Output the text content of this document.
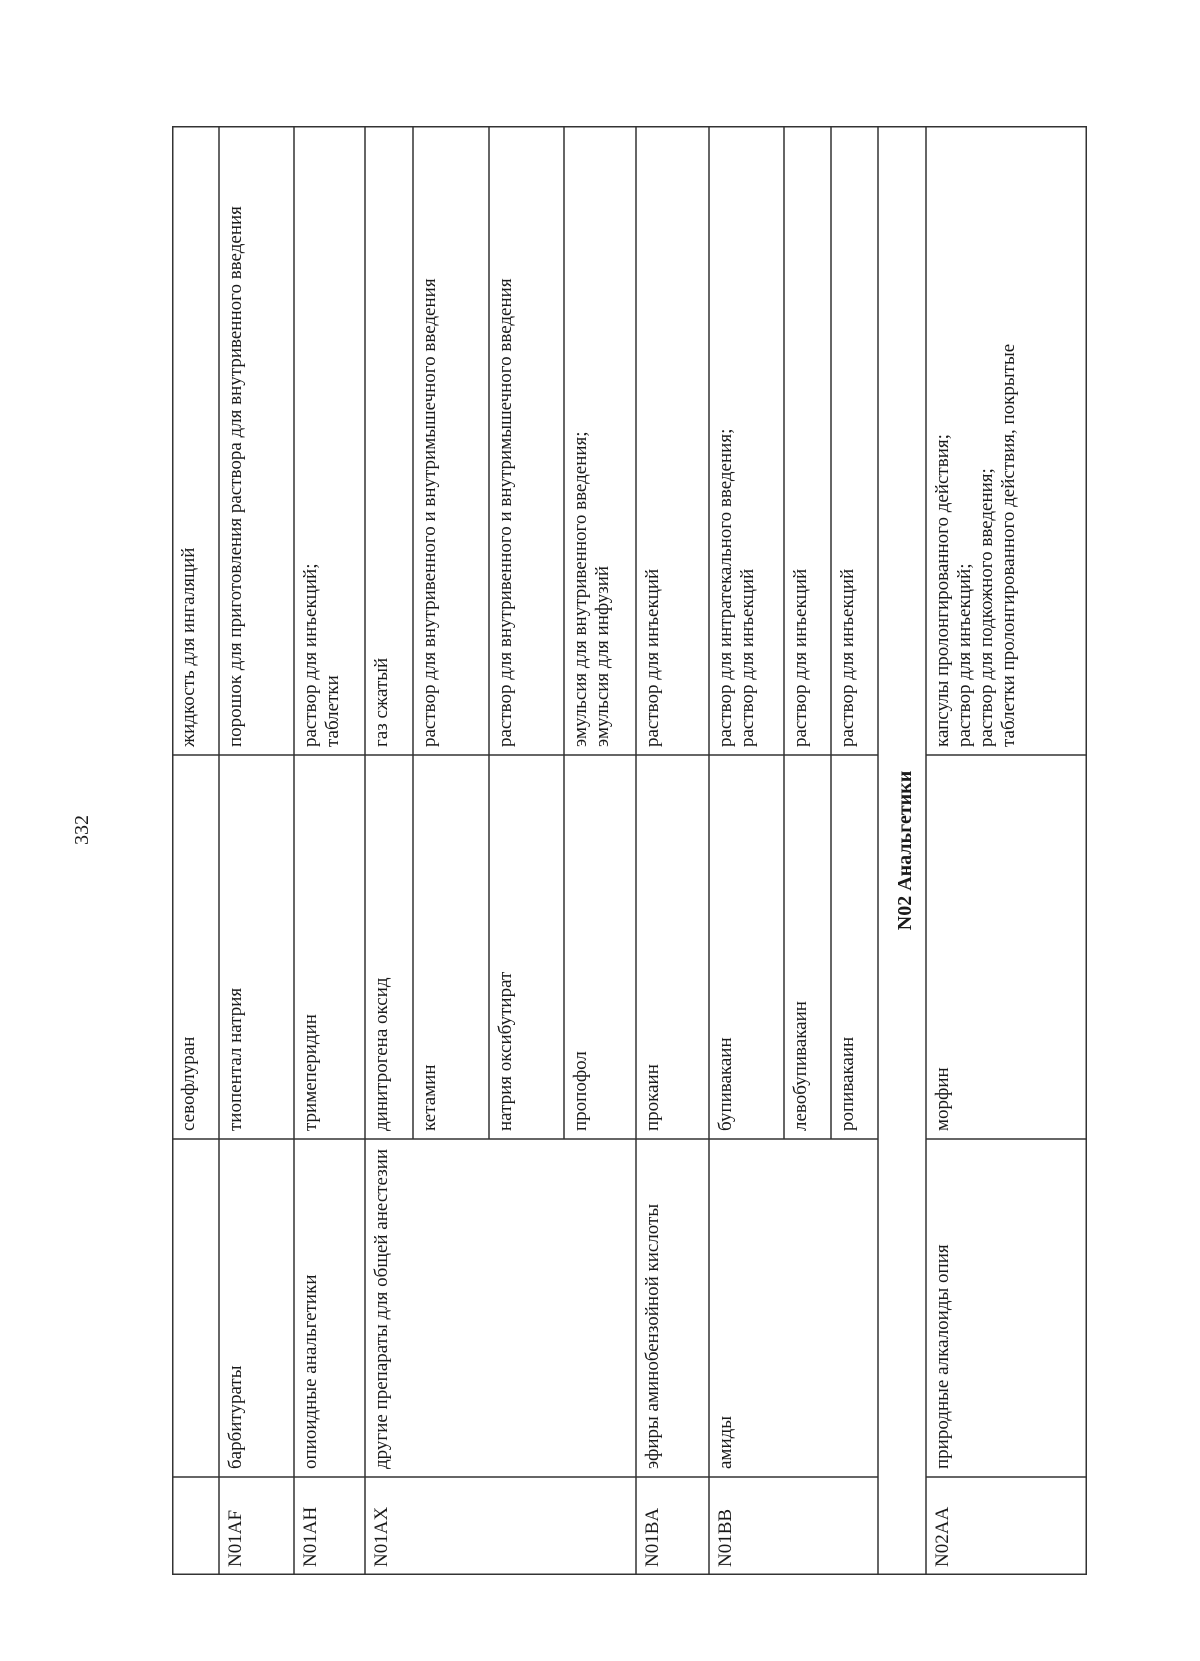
332
севофлуран
жидкость для ингаляций
N01AF
барбитураты
тиопентал натрия
порошок для приготовления раствора для внутривенного введения
N01AH
опиоидные анальгетики
тримеперидин
раствор для инъекций;
таблетки
N01AX
другие препараты для общей анестезии
динитрогена оксид
газ сжатый
кетамин
раствор для внутривенного и внутримышечного введения
натрия оксибутират
раствор для внутривенного и внутримышечного введения
пропофол
эмульсия для внутривенного введения;
эмульсия для инфузий
N01BA
эфиры аминобензойной кислоты
прокаин
раствор для инъекций
N01BB
амиды
бупивакаин
раствор для интратекального введения;
раствор для инъекций
левобупивакаин
раствор для инъекций
ропивакаин
раствор для инъекций
N02 Анальгетики
N02AA
природные алкалоиды опия
морфин
капсулы пролонгированного действия;
раствор для инъекций;
раствор для подкожного введения;
таблетки пролонгированного действия, покрытые
